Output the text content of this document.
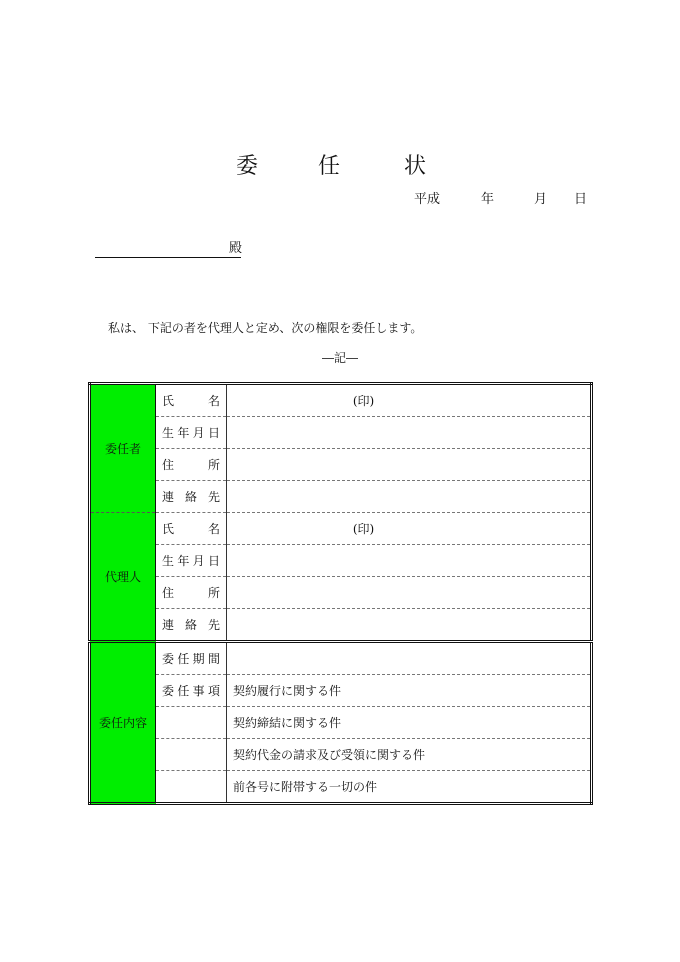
委	任	状
平成	年	月 日
殿
私は、 下記の者を代理人と定め、次の権限を委任します。
―記―
委任者	氏 名	(印)

	生 年 月 日	

	住 所	

	連 絡 先	

代理人	氏 名	(印)

	生 年 月 日	

	住 所	

	連 絡 先	

委任内容	委 任 期 間	

	委 任 事 項	契約履行に関する件
		契約締結に関する件
		契約代金の請求及び受領に関する件
		前各号に附帯する一切の件
